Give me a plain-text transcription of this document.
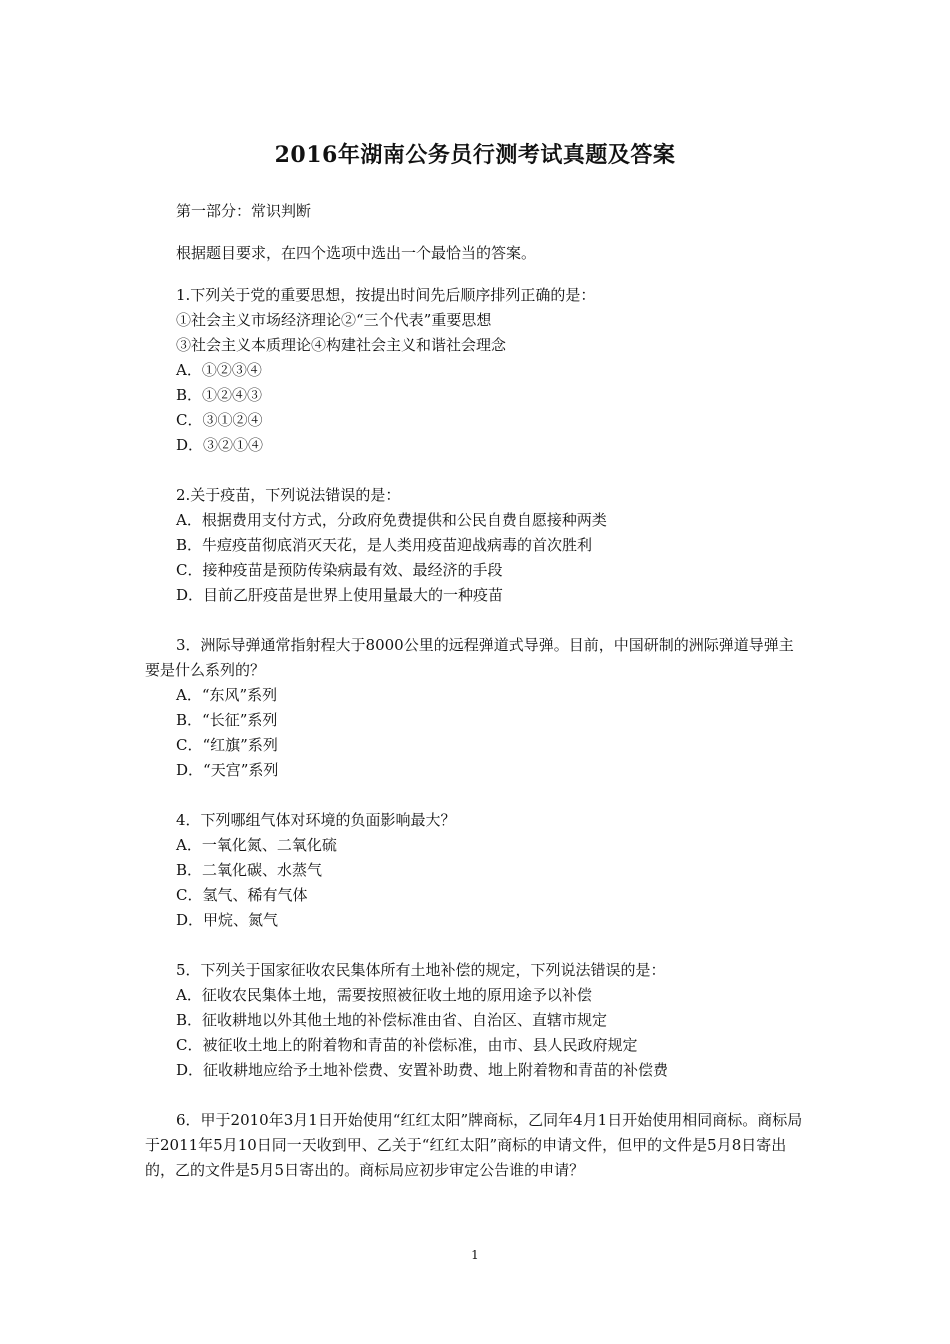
2016年湖南公务员行测考试真题及答案
第一部分：常识判断
根据题目要求，在四个选项中选出一个最恰当的答案。
1.下列关于党的重要思想，按提出时间先后顺序排列正确的是：
①社会主义市场经济理论②“三个代表”重要思想
③社会主义本质理论④构建社会主义和谐社会理念
A．①②③④
B．①②④③
C．③①②④
D．③②①④
2.关于疫苗，下列说法错误的是：
A．根据费用支付方式，分政府免费提供和公民自费自愿接种两类
B．牛痘疫苗彻底消灭天花，是人类用疫苗迎战病毒的首次胜利
C．接种疫苗是预防传染病最有效、最经济的手段
D．目前乙肝疫苗是世界上使用量最大的一种疫苗
3．洲际导弹通常指射程大于8000公里的远程弹道式导弹。目前，中国研制的洲际弹道导弹主要是什么系列的？
A．“东风”系列
B．“长征”系列
C．“红旗”系列
D．“天宫”系列
4．下列哪组气体对环境的负面影响最大？
A．一氧化氮、二氧化硫
B．二氧化碳、水蒸气
C．氢气、稀有气体
D．甲烷、氮气
5．下列关于国家征收农民集体所有土地补偿的规定，下列说法错误的是：
A．征收农民集体土地，需要按照被征收土地的原用途予以补偿
B．征收耕地以外其他土地的补偿标准由省、自治区、直辖市规定
C．被征收土地上的附着物和青苗的补偿标准，由市、县人民政府规定
D．征收耕地应给予土地补偿费、安置补助费、地上附着物和青苗的补偿费
6．甲于2010年3月1日开始使用“红红太阳”牌商标，乙同年4月1日开始使用相同商标。商标局于2011年5月10日同一天收到甲、乙关于“红红太阳”商标的申请文件，但甲的文件是5月8日寄出的，乙的文件是5月5日寄出的。商标局应初步审定公告谁的申请？
1
